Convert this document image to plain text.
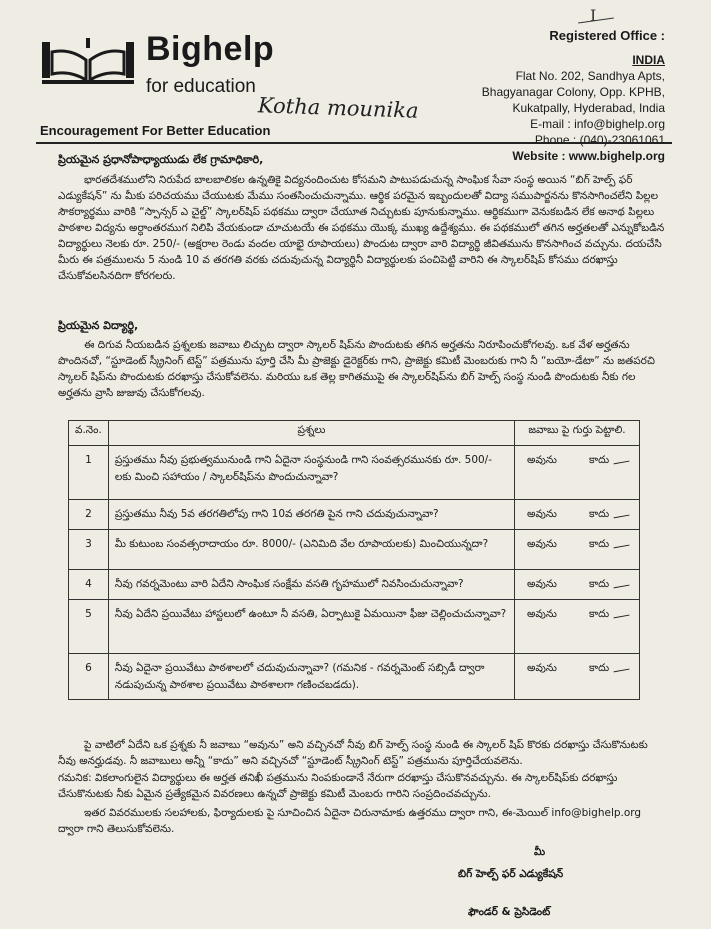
Bighelp
for education
Encouragement For Better Education
Kotha mounika
I
Registered Office :
INDIA
Flat No. 202, Sandhya Apts,
Bhagyanagar Colony, Opp. KPHB,
Kukatpally, Hyderabad, India
E-mail : info@bighelp.org
Phone : (040)-23061061
Website : www.bighelp.org
ప్రియమైన ప్రధానోపాధ్యాయుడు లేక గ్రామాధికారి,
భారతదేశములోని నిరుపేద బాలబాలికల ఉన్నతికై విద్యనందించుట కోసమని పాటుపడుచున్న సాంఘిక సేవా సంస్థ అయిన “బిగ్ హెల్ప్ ఫర్ ఎడ్యుకేషన్” ను మీకు పరిచయము చేయుటకు మేము సంతసించుచున్నాము. ఆర్థిక పరమైన ఇబ్బందులతో విద్యా సముపార్జనను కొనసాగించలేని పిల్లల సౌకర్యార్థము వారికి “స్పాన్సర్ ఎ చైల్డ్” స్కాలర్‌షిప్ పథకము ద్వారా చేయూత నిచ్చుటకు పూనుకున్నాము. ఆర్థికముగా వెనుకబడిన లేక అనాథ పిల్లలు పాఠశాల విద్యను అర్ధాంతరముగ నిలిపి వేయకుండా చూచుటయే ఈ పథకము యొక్క ముఖ్య ఉద్దేశ్యము. ఈ పథకములో తగిన అర్హతలతో ఎన్నుకోబడిన విద్యార్థులు నెలకు రూ. 250/- (అక్షరాల రెండు వందల యాభై రూపాయలు) పొందుట ద్వారా వారి విద్యార్థి జీవితమును కొనసాగించ వచ్చును. దయచేసి మీరు ఈ పత్రములను 5 నుండి 10 వ తరగతి వరకు చదువుచున్న విద్యార్థినీ విద్యార్థులకు పంచిపెట్టి వారిని ఈ స్కాలర్‌షిప్ కోసము దరఖాస్తు చేసుకోవలసినదిగా కోరగలరు.
ప్రియమైన విద్యార్థి,
ఈ దిగువ నీయబడిన ప్రశ్నలకు జవాబు లిచ్చుట ద్వారా స్కాలర్ షిప్‌ను పొందుటకు తగిన అర్హతను నిరూపించుకోగలవు. ఒక వేళ అర్హతను పొందినచో, “స్టూడెంట్ స్క్రీనింగ్ టెస్ట్” పత్రమును పూర్తి చేసి మీ ప్రాజెక్టు డైరెక్టర్‌కు గాని, ప్రాజెక్టు కమిటీ మెంబరుకు గాని నీ “బయో-డేటా” ను జతపరచి స్కాలర్ షిప్‌ను పొందుటకు దరఖాస్తు చేసుకోవలెను. మరియు ఒక తెల్ల కాగితముపై ఈ స్కాలర్‌షిప్‌ను బిగ్ హెల్ప్ సంస్థ నుండి పొందుటకు నీకు గల అర్హతను వ్రాసి జుజువు చేసుకోగలవు.
వ.నెం.	ప్రశ్నలు	జవాబు పై గుర్తు పెట్టాలి.
1	ప్రస్తుతము నీవు ప్రభుత్వమునుండి గాని ఏదైనా సంస్థనుండి గాని సంవత్సరమునకు రూ. 500/- లకు మించి సహాయం / స్కాలర్‌షిప్‌ను పొందుచున్నావా?	అవును కాదు
2	ప్రస్తుతము నీవు 5వ తరగతిలోపు గాని 10వ తరగతి పైన గాని చదువుచున్నావా?	అవును కాదు
3	మీ కుటుంబ సంవత్సరాదాయం రూ. 8000/- (ఎనిమిది వేల రూపాయలకు) మించియున్నదా?	అవును కాదు
4	నీవు గవర్నమెంటు వారి ఏదేని సాంఘిక సంక్షేమ వసతి గృహములో నివసించుచున్నావా?	అవును కాదు
5	నీవు ఏదేని ప్రయివేటు హాస్టలులో ఉంటూ నీ వసతి, ఏర్పాటుకై ఏమయినా ఫీజు చెల్లించుచున్నావా?	అవును కాదు
6	నీవు ఏదైనా ప్రయివేటు పాఠశాలలో చదువుచున్నావా? (గమనిక - గవర్నమెంట్ సబ్సిడీ ద్వారా నడుపుచున్న పాఠశాల ప్రయివేటు పాఠశాలగా గణించబడదు).	అవును కాదు
పై వాటిలో ఏదేని ఒక ప్రశ్నకు నీ జవాబు “అవును” అని వచ్చినచో నీవు బిగ్ హెల్ప్ సంస్థ నుండి ఈ స్కాలర్ షిప్ కొరకు దరఖాస్తు చేసుకొనుటకు నీవు అనర్హుడవు. నీ జవాబులు అన్నీ “కాదు” అని వచ్చినచో “స్టూడెంట్ స్క్రీనింగ్ టెస్ట్” పత్రమును పూర్తిచేయవలెను.
గమనిక: వికలాంగులైన విద్యార్థులు ఈ అర్హత తనిఖీ పత్రమును నింపకుండానే నేరుగా దరఖాస్తు చేసుకొనవచ్చును. ఈ స్కాలర్‌షిప్‌కు దరఖాస్తు చేసుకొనుటకు నీకు ఏమైన ప్రత్యేకమైన వివరణలు ఉన్నచో ప్రాజెక్టు కమిటీ మెంబరు గారిని సంప్రదించవచ్చును.
ఇతర వివరములకు సలహాలకు, ఫిర్యాదులకు పై సూచించిన ఏదైనా చిరునామాకు ఉత్తరము ద్వారా గాని, ఈ-మెయిల్ info@bighelp.org ద్వారా గాని తెలుసుకోవలెను.
మీ
బిగ్ హెల్ప్ ఫర్ ఎడ్యుకేషన్
ఫౌండర్ & ప్రెసిడెంట్
